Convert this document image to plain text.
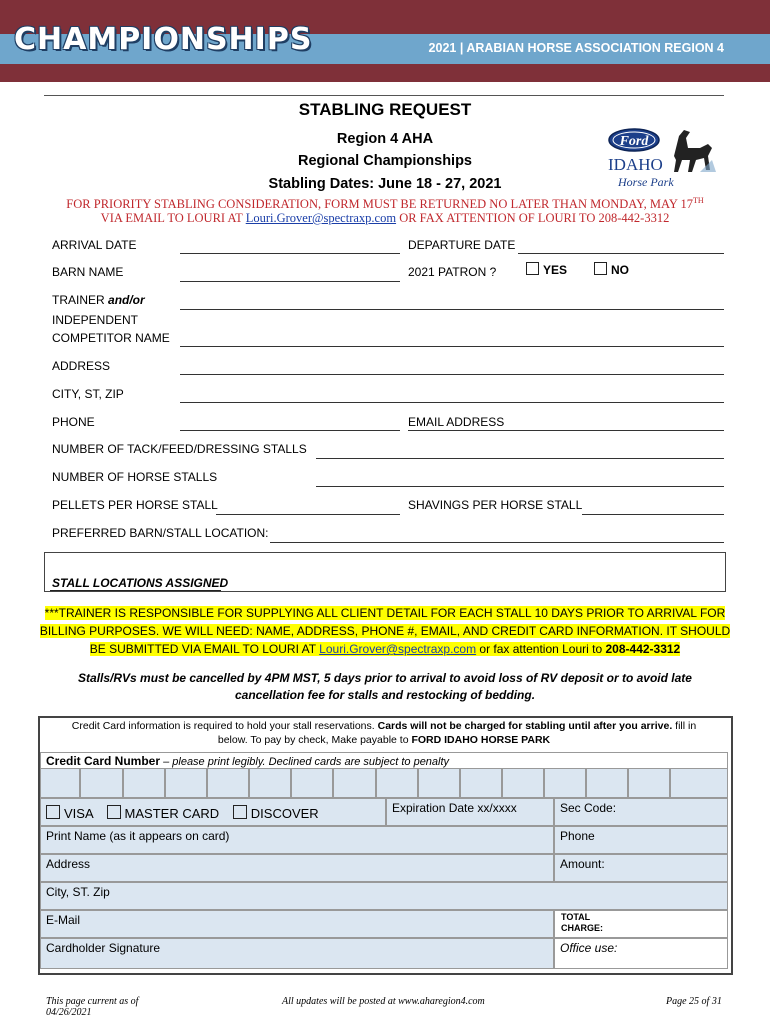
CHAMPIONSHIPS	2021 | ARABIAN HORSE ASSOCIATION REGION 4
STABLING REQUEST
Region 4 AHA
Regional Championships
Stabling Dates: June 18 - 27, 2021
Ford
IDAHO
Horse Park
FOR PRIORITY STABLING CONSIDERATION, FORM MUST BE RETURNED NO LATER THAN MONDAY, MAY 17TH
VIA EMAIL TO LOURI AT Louri.Grover@spectraxp.com OR FAX ATTENTION OF LOURI TO 208-442-3312
ARRIVAL DATE	DEPARTURE DATE
BARN NAME	2021 PATRON ?	YES	NO
TRAINER and/or
INDEPENDENT
COMPETITOR NAME
ADDRESS
CITY, ST, ZIP
PHONE	EMAIL ADDRESS
NUMBER OF TACK/FEED/DRESSING STALLS
NUMBER OF HORSE STALLS
PELLETS PER HORSE STALL	SHAVINGS PER HORSE STALL
PREFERRED BARN/STALL LOCATION:
STALL LOCATIONS ASSIGNED
***TRAINER IS RESPONSIBLE FOR SUPPLYING ALL CLIENT DETAIL FOR EACH STALL 10 DAYS PRIOR TO ARRIVAL FOR
BILLING PURPOSES. WE WILL NEED: NAME, ADDRESS, PHONE #, EMAIL, AND CREDIT CARD INFORMATION. IT SHOULD
BE SUBMITTED VIA EMAIL TO LOURI AT Louri.Grover@spectraxp.com or fax attention Louri to 208-442-3312
Stalls/RVs must be cancelled by 4PM MST, 5 days prior to arrival to avoid loss of RV deposit or to avoid late
cancellation fee for stalls and restocking of bedding.
Credit Card information is required to hold your stall reservations. Cards will not be charged for stabling until after you arrive. fill in
below. To pay by check, Make payable to FORD IDAHO HORSE PARK
Credit Card Number – please print legibly. Declined cards are subject to penalty
VISA MASTER CARD DISCOVER	Expiration Date xx/xxxx	Sec Code:
Print Name (as it appears on card)	Phone
Address	Amount:
City, ST. Zip
E-Mail	TOTAL
CHARGE:
Cardholder Signature	Office use:
This page current as of
04/26/2021
All updates will be posted at www.aharegion4.com	Page 25 of 31
